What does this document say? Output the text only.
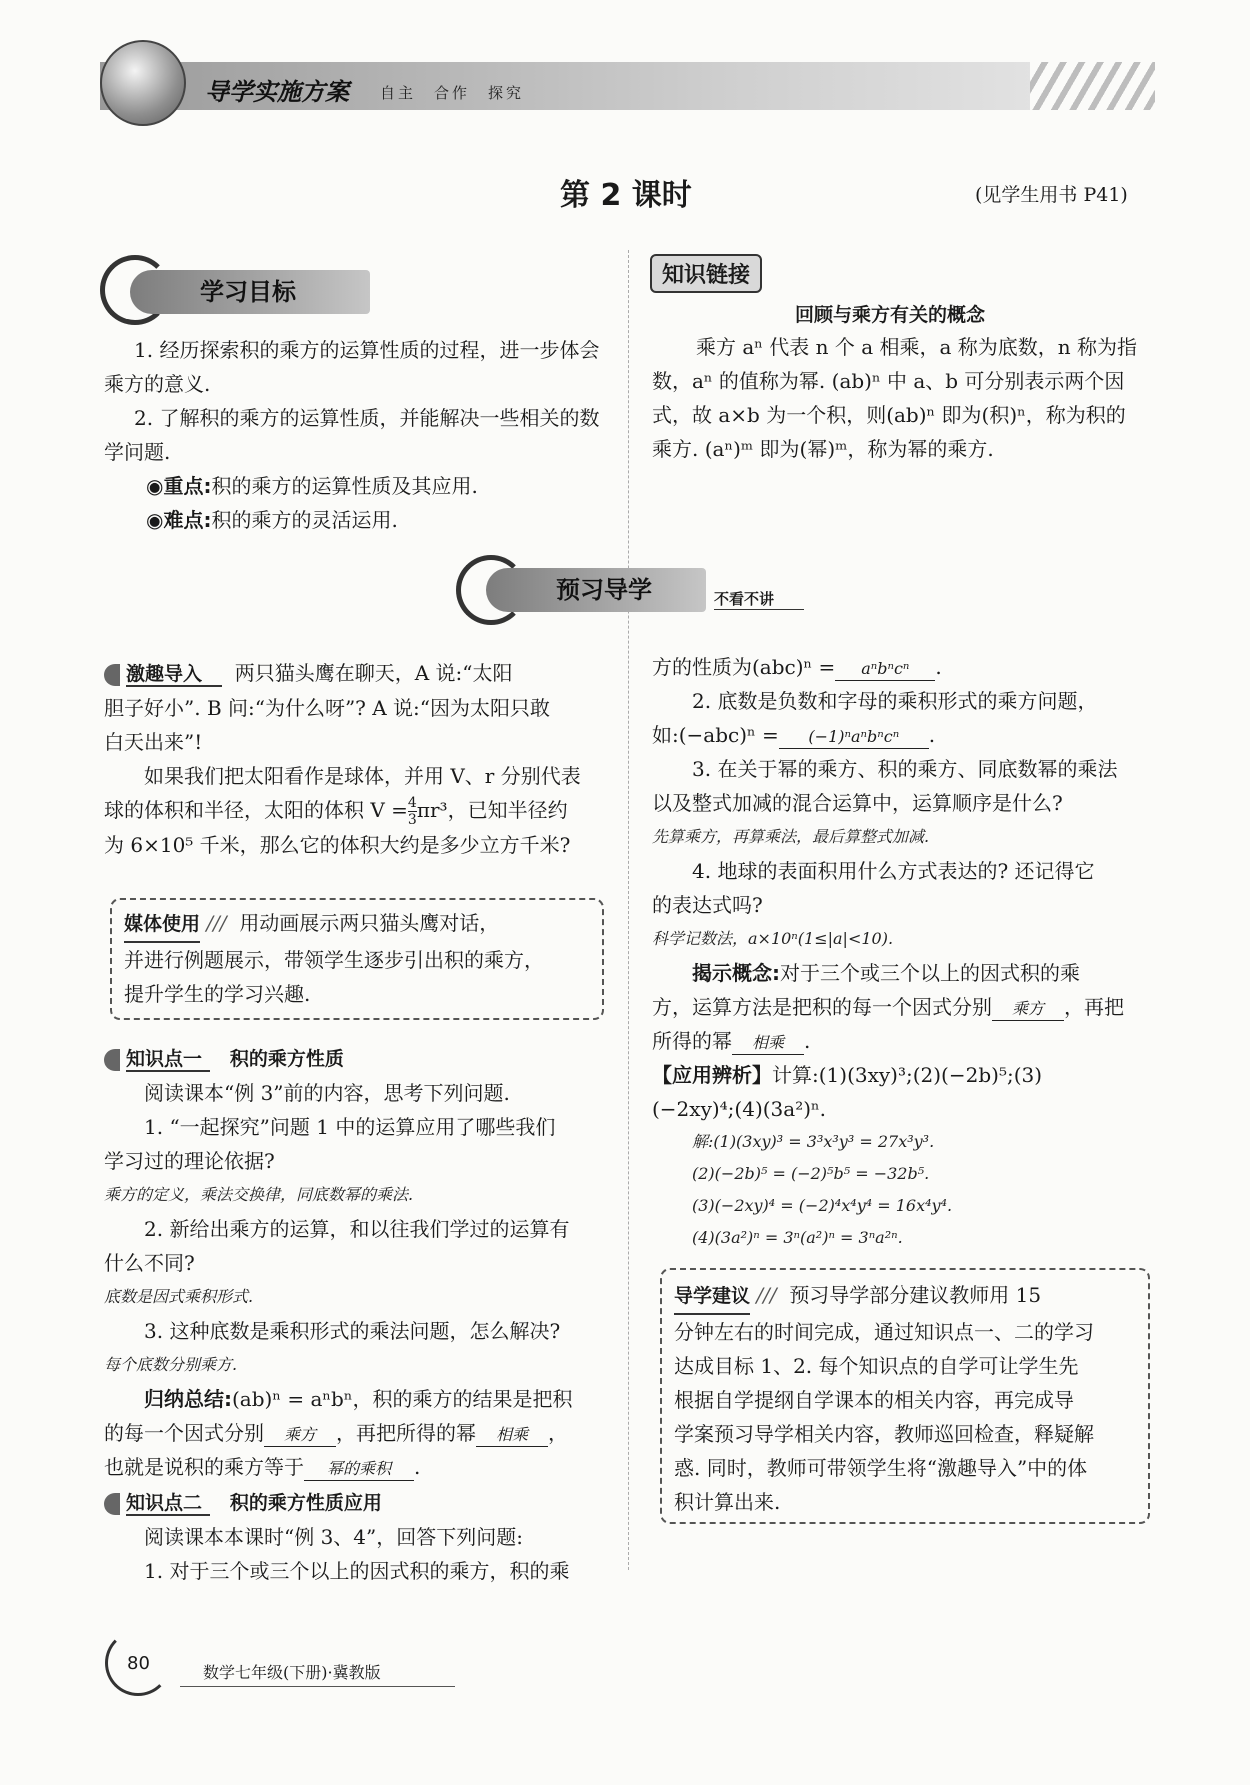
导学实施方案 自主　合作　探究
第 2 课时	(见学生用书 P41)
学习目标
1. 经历探索积的乘方的运算性质的过程，进一步体会乘方的意义.
2. 了解积的乘方的运算性质，并能解决一些相关的数学问题.
◉重点:积的乘方的运算性质及其应用.
◉难点:积的乘方的灵活运用.
知识链接
回顾与乘方有关的概念
乘方 aⁿ 代表 n 个 a 相乘，a 称为底数，n 称为指
数，aⁿ 的值称为幂. (ab)ⁿ 中 a、b 可分别表示两个因
式，故 a×b 为一个积，则(ab)ⁿ 即为(积)ⁿ，称为积的
乘方. (aⁿ)ᵐ 即为(幂)ᵐ，称为幂的乘方.
预习导学	不看不讲
激趣导入 两只猫头鹰在聊天，A 说:“太阳
胆子好小”. B 问:“为什么呀”? A 说:“因为太阳只敢
白天出来”!
如果我们把太阳看作是球体，并用 V、r 分别代表
球的体积和半径，太阳的体积 $V = \frac{4}{3} \pi r^3$，已知半径约
为 6×10⁵ 千米，那么它的体积大约是多少立方千米?
媒体使用 /// 用动画展示两只猫头鹰对话，
并进行例题展示，带领学生逐步引出积的乘方，
提升学生的学习兴趣.
知识点一 积的乘方性质
阅读课本“例 3”前的内容，思考下列问题.
1. “一起探究”问题 1 中的运算应用了哪些我们
学习过的理论依据?
乘方的定义，乘法交换律，同底数幂的乘法.
2. 新给出乘方的运算，和以往我们学过的运算有
什么不同?
底数是因式乘积形式.
3. 这种底数是乘积形式的乘法问题，怎么解决?
每个底数分别乘方.
归纳总结:(ab)ⁿ = aⁿbⁿ，积的乘方的结果是把积
的每一个因式分别 乘方 ，再把所得的幂 相乘 ，
也就是说积的乘方等于 幂的乘积 .
知识点二 积的乘方性质应用
阅读课本本课时“例 3、4”，回答下列问题:
1. 对于三个或三个以上的因式积的乘方，积的乘
方的性质为(abc)ⁿ = aⁿbⁿcⁿ .
2. 底数是负数和字母的乘积形式的乘方问题，
如:(−abc)ⁿ = (−1)ⁿaⁿbⁿcⁿ .
3. 在关于幂的乘方、积的乘方、同底数幂的乘法
以及整式加减的混合运算中，运算顺序是什么?
先算乘方，再算乘法，最后算整式加减.
4. 地球的表面积用什么方式表达的? 还记得它
的表达式吗?
科学记数法，a×10ⁿ(1≤|a|<10).
揭示概念:对于三个或三个以上的因式积的乘
方，运算方法是把积的每一个因式分别 乘方 ，再把
所得的幂 相乘 .
【应用辨析】计算:(1)(3xy)³;(2)(−2b)⁵;(3)
(−2xy)⁴;(4)(3a²)ⁿ.
解:(1)(3xy)³ = 3³x³y³ = 27x³y³.
(2)(−2b)⁵ = (−2)⁵b⁵ = −32b⁵.
(3)(−2xy)⁴ = (−2)⁴x⁴y⁴ = 16x⁴y⁴.
(4)(3a²)ⁿ = 3ⁿ(a²)ⁿ = 3ⁿa²ⁿ.
导学建议 /// 预习导学部分建议教师用 15
分钟左右的时间完成，通过知识点一、二的学习
达成目标 1、2. 每个知识点的自学可让学生先
根据自学提纲自学课本的相关内容，再完成导
学案预习导学相关内容，教师巡回检查，释疑解
惑. 同时，教师可带领学生将“激趣导入”中的体
积计算出来.
80	数学七年级(下册)·冀教版
